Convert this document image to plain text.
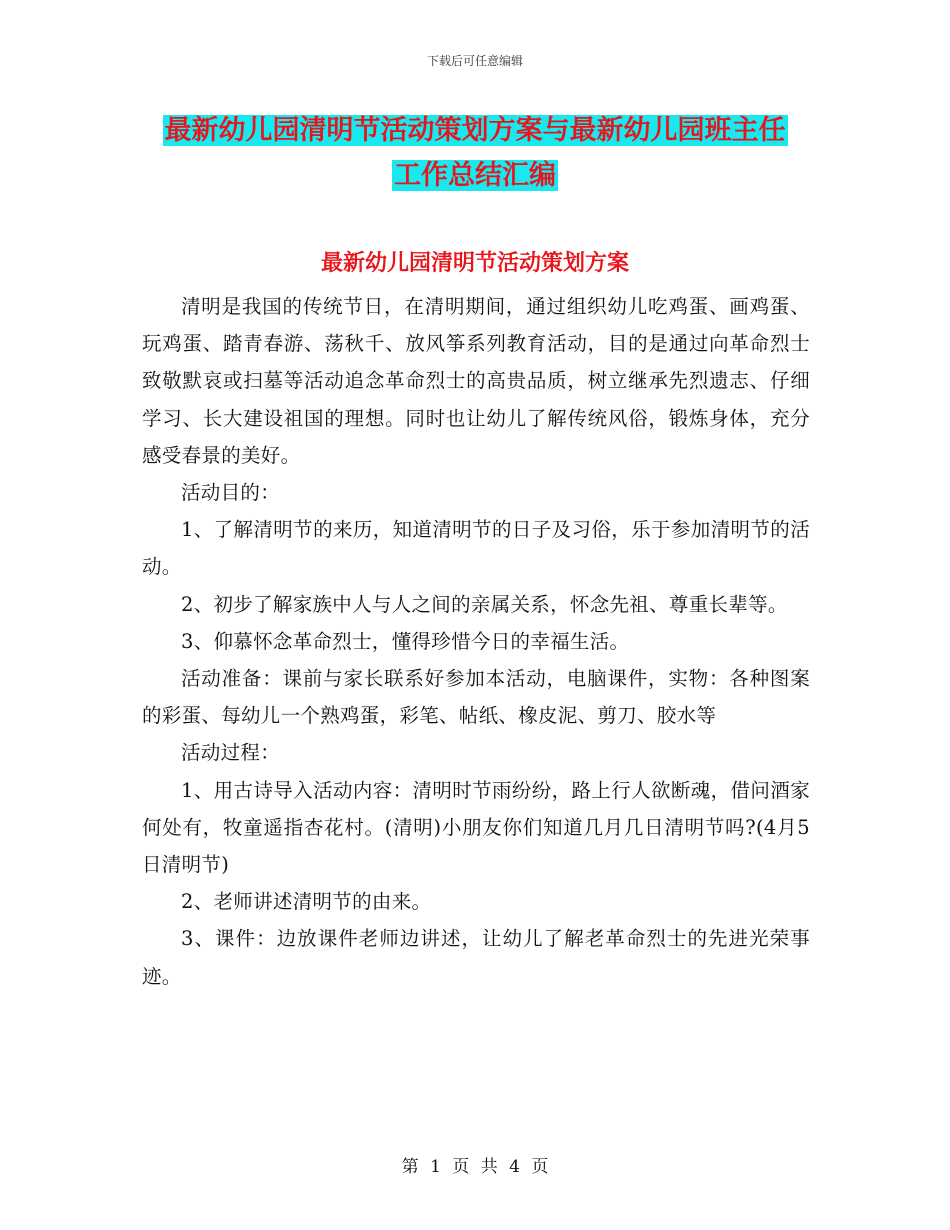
下载后可任意编辑
最新幼儿园清明节活动策划方案与最新幼儿园班主任
工作总结汇编
最新幼儿园清明节活动策划方案

清明是我国的传统节日，在清明期间，通过组织幼儿吃鸡蛋、画鸡蛋、玩鸡蛋、踏青春游、荡秋千、放风筝系列教育活动，目的是通过向革命烈士致敬默哀或扫墓等活动追念革命烈士的高贵品质，树立继承先烈遗志、仔细学习、长大建设祖国的理想。同时也让幼儿了解传统风俗，锻炼身体，充分感受春景的美好。

活动目的：

1、了解清明节的来历，知道清明节的日子及习俗，乐于参加清明节的活动。

2、初步了解家族中人与人之间的亲属关系，怀念先祖、尊重长辈等。

3、仰慕怀念革命烈士，懂得珍惜今日的幸福生活。

活动准备：课前与家长联系好参加本活动，电脑课件，实物：各种图案的彩蛋、每幼儿一个熟鸡蛋，彩笔、帖纸、橡皮泥、剪刀、胶水等

活动过程：

1、用古诗导入活动内容：清明时节雨纷纷，路上行人欲断魂，借问酒家何处有，牧童遥指杏花村。(清明)小朋友你们知道几月几日清明节吗?(4月5日清明节)

2、老师讲述清明节的由来。

3、课件：边放课件老师边讲述，让幼儿了解老革命烈士的先进光荣事迹。

第 1 页 共 4 页
